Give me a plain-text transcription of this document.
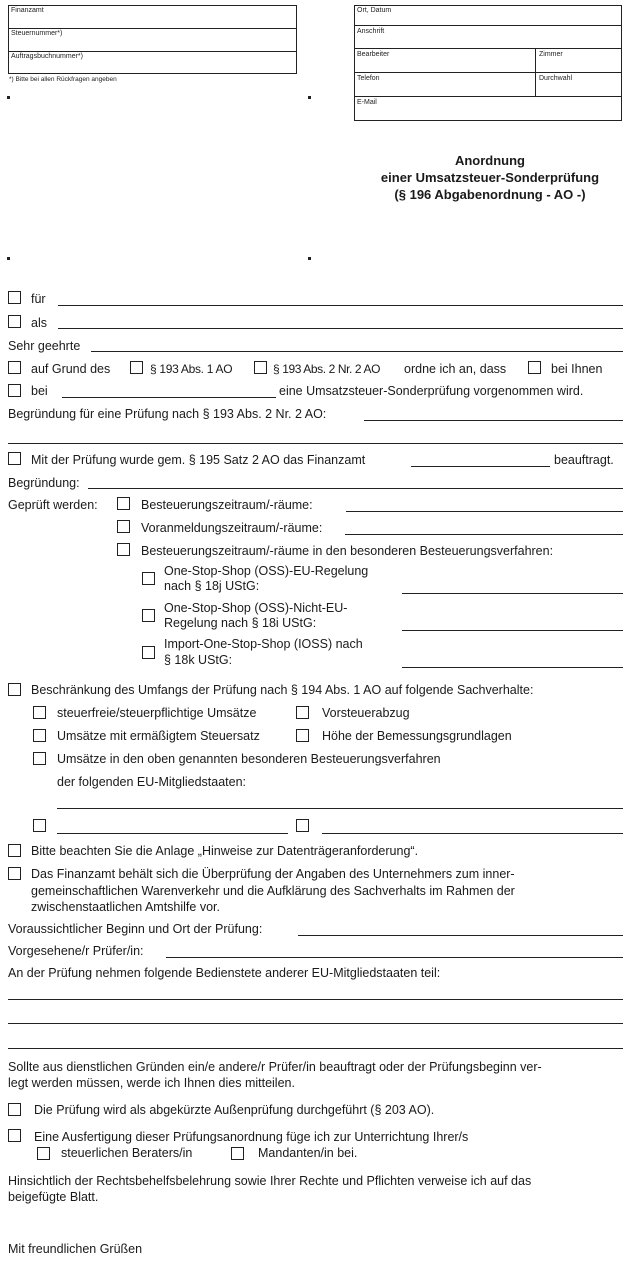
Finanzamt
Steuernummer*)
Auftragsbuchnummer*)
*) Bitte bei allen Rückfragen angeben
Ort, Datum
Anschrift
Bearbeiter	Zimmer
Telefon	Durchwahl
E-Mail
Anordnung
einer Umsatzsteuer-Sonderprüfung
(§ 196 Abgabenordnung - AO -)
für
als
Sehr geehrte
auf Grund des	§ 193 Abs. 1 AO	§ 193 Abs. 2 Nr. 2 AO ordne ich an, dass	bei Ihnen
bei	eine Umsatzsteuer-Sonderprüfung vorgenommen wird.
Begründung für eine Prüfung nach § 193 Abs. 2 Nr. 2 AO:
Mit der Prüfung wurde gem. § 195 Satz 2 AO das Finanzamt	beauftragt.
Begründung:
Geprüft werden:	Besteuerungszeitraum/-räume:
Voranmeldungszeitraum/-räume:
Besteuerungszeitraum/-räume in den besonderen Besteuerungsverfahren:
One-Stop-Shop (OSS)-EU-Regelung
nach § 18j UStG:
One-Stop-Shop (OSS)-Nicht-EU-
Regelung nach § 18i UStG:
Import-One-Stop-Shop (IOSS) nach
§ 18k UStG:
Beschränkung des Umfangs der Prüfung nach § 194 Abs. 1 AO auf folgende Sachverhalte:
steuerfreie/steuerpflichtige Umsätze	Vorsteuerabzug
Umsätze mit ermäßigtem Steuersatz	Höhe der Bemessungsgrundlagen
Umsätze in den oben genannten besonderen Besteuerungsverfahren
der folgenden EU-Mitgliedstaaten:
Bitte beachten Sie die Anlage „Hinweise zur Datenträgeranforderung“.
Das Finanzamt behält sich die Überprüfung der Angaben des Unternehmers zum inner-
gemeinschaftlichen Warenverkehr und die Aufklärung des Sachverhalts im Rahmen der
zwischenstaatlichen Amtshilfe vor.
Voraussichtlicher Beginn und Ort der Prüfung:
Vorgesehene/r Prüfer/in:
An der Prüfung nehmen folgende Bedienstete anderer EU-Mitgliedstaaten teil:
Sollte aus dienstlichen Gründen ein/e andere/r Prüfer/in beauftragt oder der Prüfungsbeginn ver-
legt werden müssen, werde ich Ihnen dies mitteilen.
Die Prüfung wird als abgekürzte Außenprüfung durchgeführt (§ 203 AO).
Eine Ausfertigung dieser Prüfungsanordnung füge ich zur Unterrichtung Ihrer/s
steuerlichen Beraters/in	Mandanten/in bei.
Hinsichtlich der Rechtsbehelfsbelehrung sowie Ihrer Rechte und Pflichten verweise ich auf das
beigefügte Blatt.
Mit freundlichen Grüßen
